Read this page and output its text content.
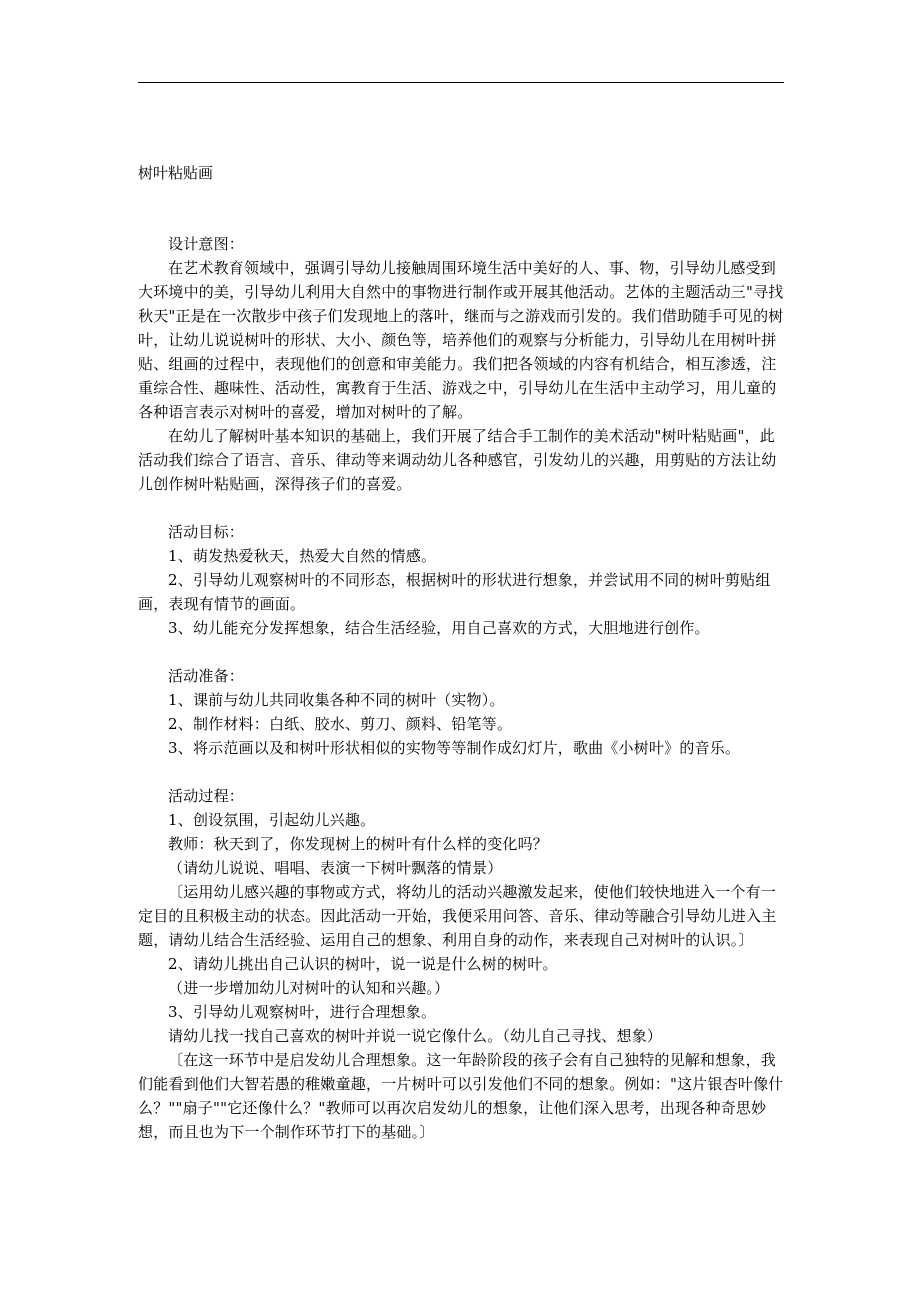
树叶粘贴画

设计意图：

在艺术教育领域中，强调引导幼儿接触周围环境生活中美好的人、事、物，引导幼儿感受到大环境中的美，引导幼儿利用大自然中的事物进行制作或开展其他活动。艺体的主题活动三"寻找秋天"正是在一次散步中孩子们发现地上的落叶，继而与之游戏而引发的。我们借助随手可见的树叶，让幼儿说说树叶的形状、大小、颜色等，培养他们的观察与分析能力，引导幼儿在用树叶拼贴、组画的过程中，表现他们的创意和审美能力。我们把各领域的内容有机结合，相互渗透，注重综合性、趣味性、活动性，寓教育于生活、游戏之中，引导幼儿在生活中主动学习，用儿童的各种语言表示对树叶的喜爱，增加对树叶的了解。

在幼儿了解树叶基本知识的基础上，我们开展了结合手工制作的美术活动"树叶粘贴画"，此活动我们综合了语言、音乐、律动等来调动幼儿各种感官，引发幼儿的兴趣，用剪贴的方法让幼儿创作树叶粘贴画，深得孩子们的喜爱。

活动目标：

1、萌发热爱秋天，热爱大自然的情感。

2、引导幼儿观察树叶的不同形态，根据树叶的形状进行想象，并尝试用不同的树叶剪贴组画，表现有情节的画面。

3、幼儿能充分发挥想象，结合生活经验，用自己喜欢的方式，大胆地进行创作。

活动准备：

1、课前与幼儿共同收集各种不同的树叶（实物）。

2、制作材料：白纸、胶水、剪刀、颜料、铅笔等。

3、将示范画以及和树叶形状相似的实物等等制作成幻灯片，歌曲《小树叶》的音乐。

活动过程：

1、创设氛围，引起幼儿兴趣。

教师：秋天到了，你发现树上的树叶有什么样的变化吗？

（请幼儿说说、唱唱、表演一下树叶飘落的情景）

〔运用幼儿感兴趣的事物或方式，将幼儿的活动兴趣激发起来，使他们较快地进入一个有一定目的且积极主动的状态。因此活动一开始，我便采用问答、音乐、律动等融合引导幼儿进入主题，请幼儿结合生活经验、运用自己的想象、利用自身的动作，来表现自己对树叶的认识。〕

2、请幼儿挑出自己认识的树叶，说一说是什么树的树叶。

（进一步增加幼儿对树叶的认知和兴趣。）

3、引导幼儿观察树叶，进行合理想象。

请幼儿找一找自己喜欢的树叶并说一说它像什么。（幼儿自己寻找、想象）

〔在这一环节中是启发幼儿合理想象。这一年龄阶段的孩子会有自己独特的见解和想象，我们能看到他们大智若愚的稚嫩童趣，一片树叶可以引发他们不同的想象。例如："这片银杏叶像什么？""扇子""它还像什么？"教师可以再次启发幼儿的想象，让他们深入思考，出现各种奇思妙想，而且也为下一个制作环节打下的基础。〕
